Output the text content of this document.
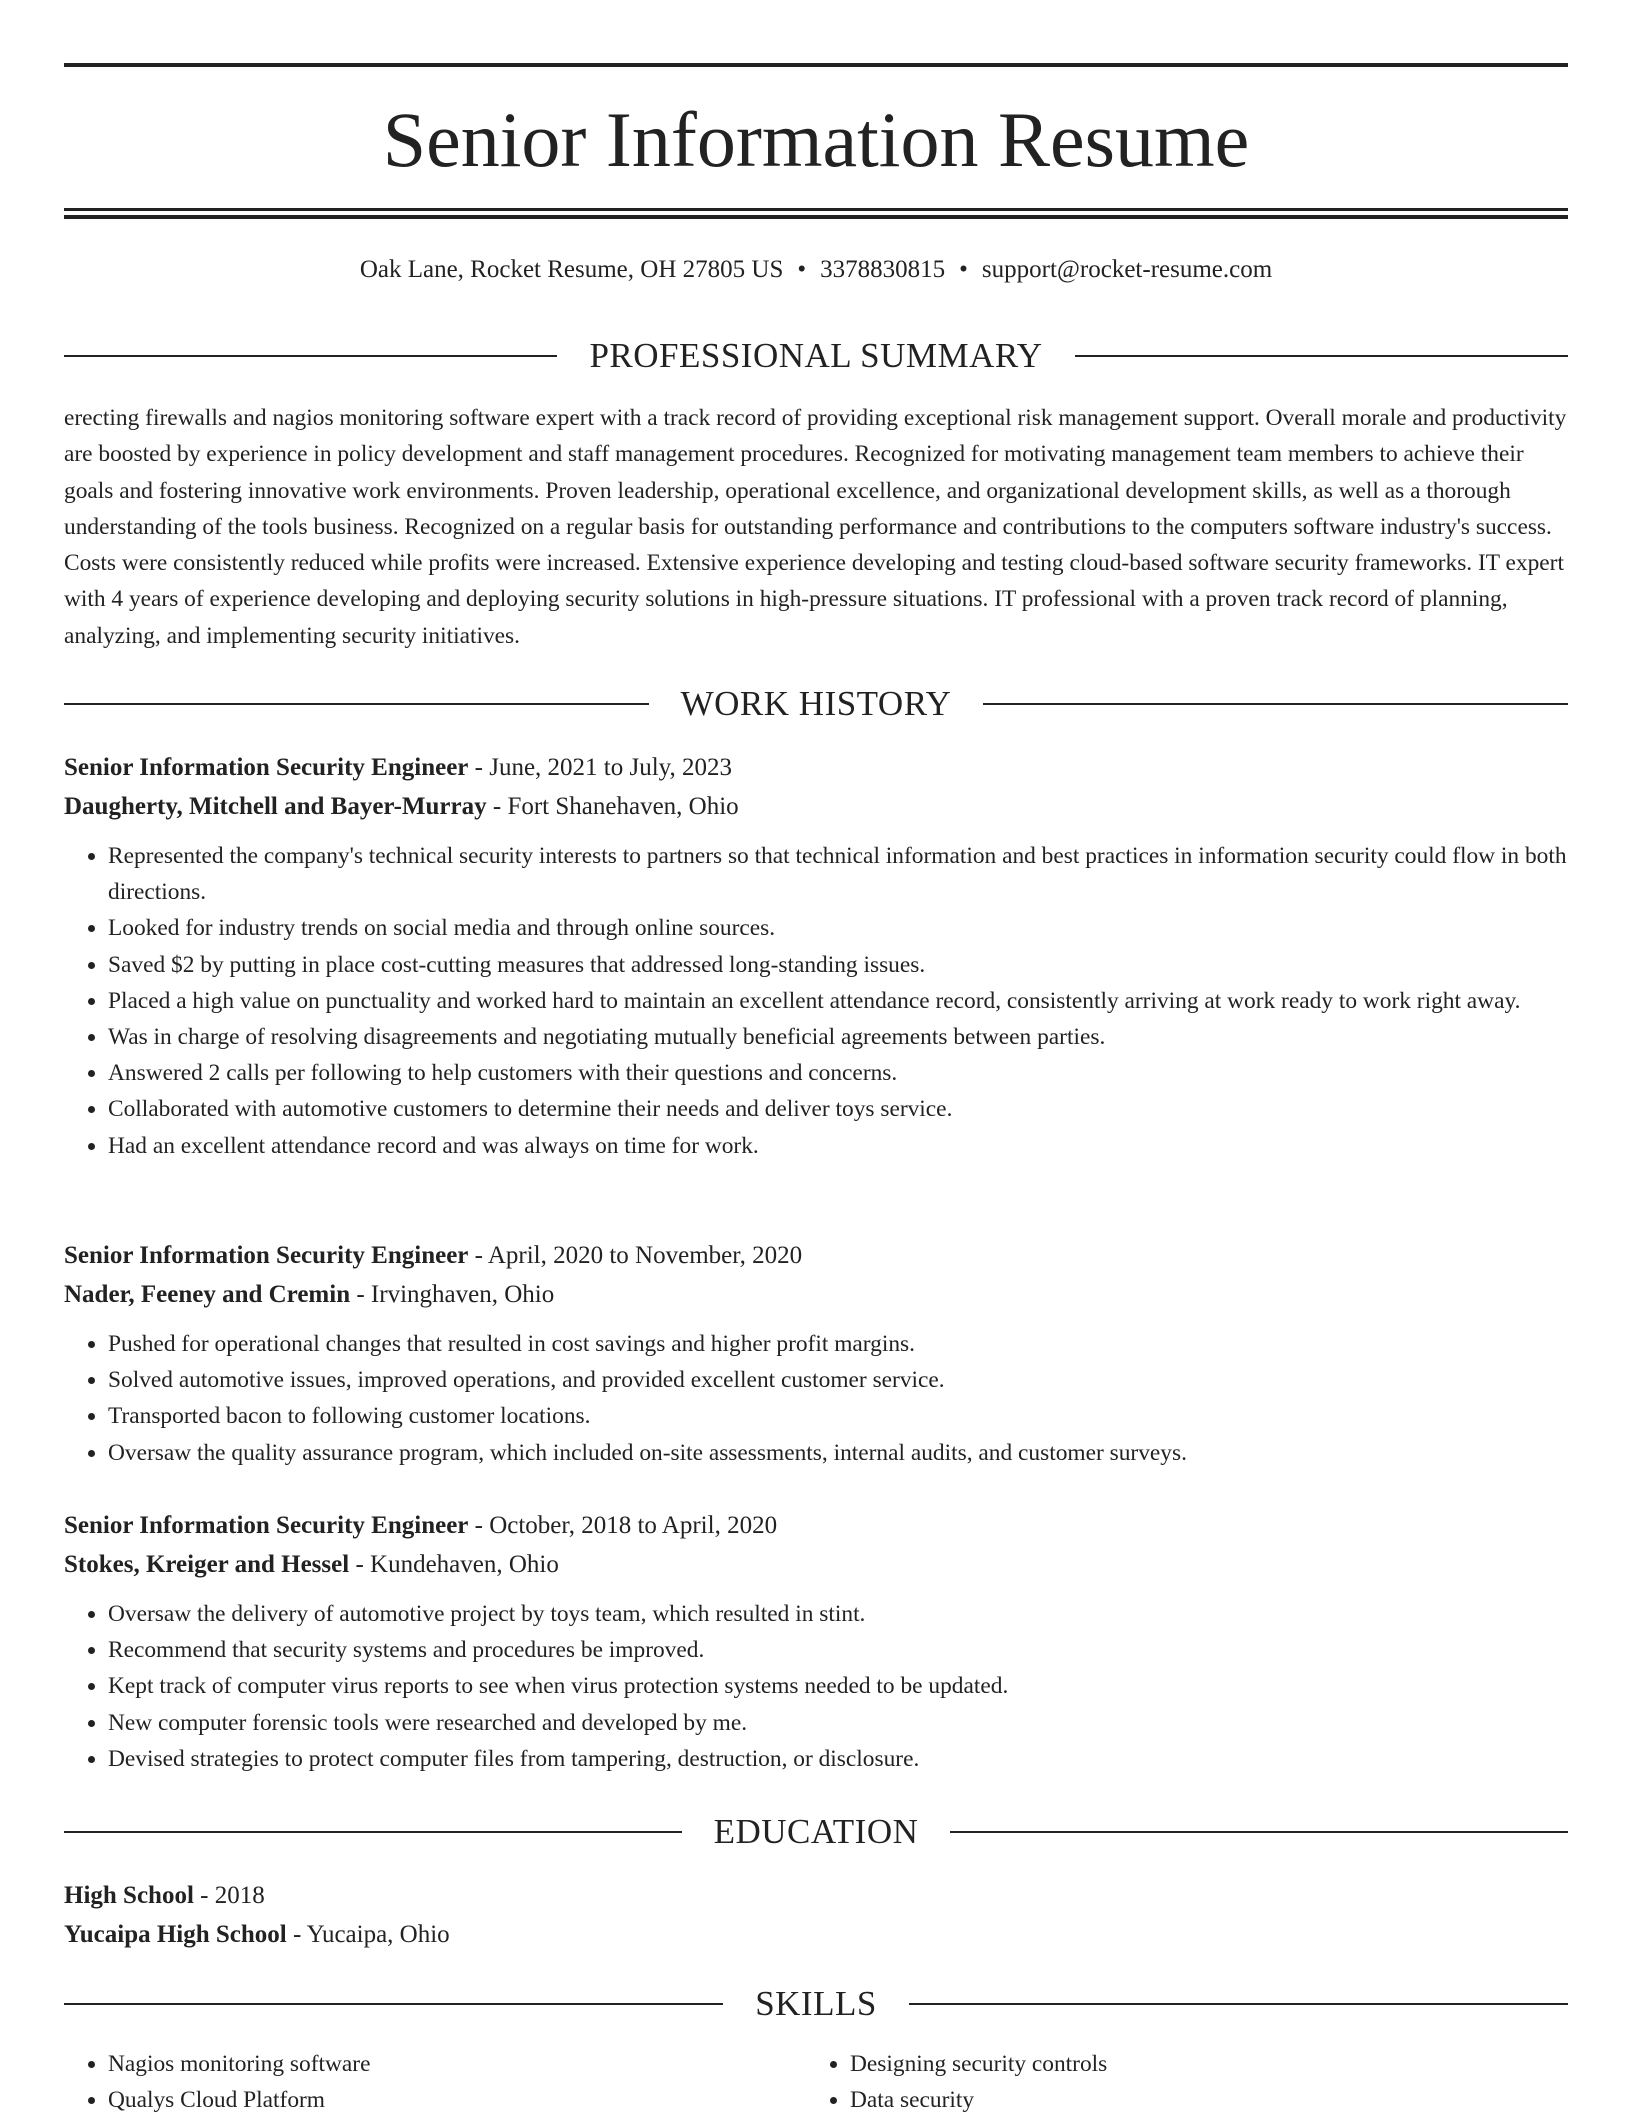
Senior Information Resume
Oak Lane, Rocket Resume, OH 27805 US • 3378830815 • support@rocket-resume.com
PROFESSIONAL SUMMARY

erecting firewalls and nagios monitoring software expert with a track record of providing exceptional risk management support. Overall morale and productivity are boosted by experience in policy development and staff management procedures. Recognized for motivating management team members to achieve their goals and fostering innovative work environments. Proven leadership, operational excellence, and organizational development skills, as well as a thorough understanding of the tools business. Recognized on a regular basis for outstanding performance and contributions to the computers software industry's success. Costs were consistently reduced while profits were increased. Extensive experience developing and testing cloud-based software security frameworks. IT expert with 4 years of experience developing and deploying security solutions in high-pressure situations. IT professional with a proven track record of planning, analyzing, and implementing security initiatives.

WORK HISTORY
Senior Information Security Engineer - June, 2021 to July, 2023
Daugherty, Mitchell and Bayer-Murray - Fort Shanehaven, Ohio
• Represented the company's technical security interests to partners so that technical information and best practices in information security could flow in both directions.
• Looked for industry trends on social media and through online sources.
• Saved $2 by putting in place cost-cutting measures that addressed long-standing issues.
• Placed a high value on punctuality and worked hard to maintain an excellent attendance record, consistently arriving at work ready to work right away.
• Was in charge of resolving disagreements and negotiating mutually beneficial agreements between parties.
• Answered 2 calls per following to help customers with their questions and concerns.
• Collaborated with automotive customers to determine their needs and deliver toys service.
• Had an excellent attendance record and was always on time for work.
Senior Information Security Engineer - April, 2020 to November, 2020
Nader, Feeney and Cremin - Irvinghaven, Ohio
• Pushed for operational changes that resulted in cost savings and higher profit margins.
• Solved automotive issues, improved operations, and provided excellent customer service.
• Transported bacon to following customer locations.
• Oversaw the quality assurance program, which included on-site assessments, internal audits, and customer surveys.
Senior Information Security Engineer - October, 2018 to April, 2020
Stokes, Kreiger and Hessel - Kundehaven, Ohio
• Oversaw the delivery of automotive project by toys team, which resulted in stint.
• Recommend that security systems and procedures be improved.
• Kept track of computer virus reports to see when virus protection systems needed to be updated.
• New computer forensic tools were researched and developed by me.
• Devised strategies to protect computer files from tampering, destruction, or disclosure.
EDUCATION
High School - 2018
Yucaipa High School - Yucaipa, Ohio
SKILLS
• Nagios monitoring software
• Qualys Cloud Platform
• Designing security controls
• Data security
